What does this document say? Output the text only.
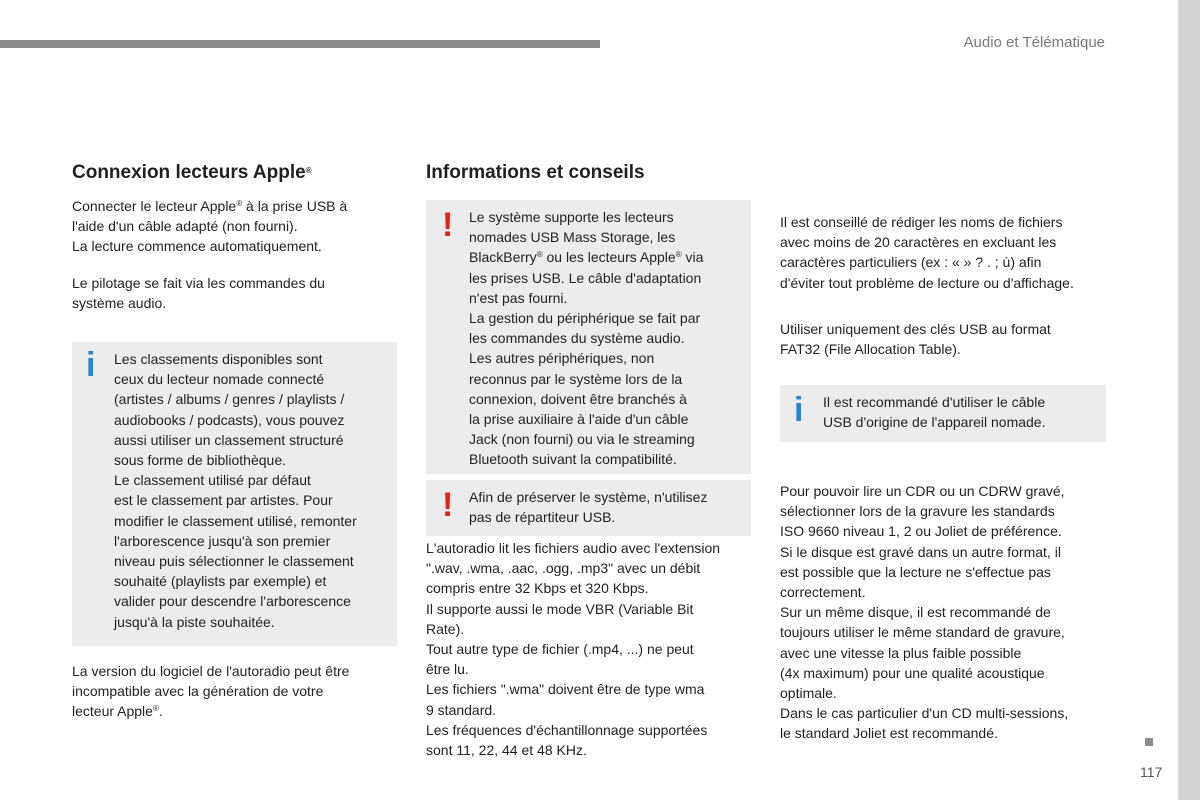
Audio et Télématique
117
Connexion lecteurs Apple®

Connecter le lecteur Apple® à la prise USB à
l'aide d'un câble adapté (non fourni).
La lecture commence automatiquement.

Le pilotage se fait via les commandes du
système audio.

i Les classements disponibles sont
ceux du lecteur nomade connecté
(artistes / albums / genres / playlists /
audiobooks / podcasts), vous pouvez
aussi utiliser un classement structuré
sous forme de bibliothèque.
Le classement utilisé par défaut
est le classement par artistes. Pour
modifier le classement utilisé, remonter
l'arborescence jusqu'à son premier
niveau puis sélectionner le classement
souhaité (playlists par exemple) et
valider pour descendre l'arborescence
jusqu'à la piste souhaitée.
La version du logiciel de l'autoradio peut être
incompatible avec la génération de votre
lecteur Apple®.
Informations et conseils
! Le système supporte les lecteurs
nomades USB Mass Storage, les
BlackBerry® ou les lecteurs Apple® via
les prises USB. Le câble d'adaptation
n'est pas fourni.
La gestion du périphérique se fait par
les commandes du système audio.
Les autres périphériques, non
reconnus par le système lors de la
connexion, doivent être branchés à
la prise auxiliaire à l'aide d'un câble
Jack (non fourni) ou via le streaming
Bluetooth suivant la compatibilité.
! Afin de préserver le système, n'utilisez
pas de répartiteur USB.
L'autoradio lit les fichiers audio avec l'extension
".wav, .wma, .aac, .ogg, .mp3" avec un débit
compris entre 32 Kbps et 320 Kbps.
Il supporte aussi le mode VBR (Variable Bit
Rate).
Tout autre type de fichier (.mp4, ...) ne peut
être lu.
Les fichiers ".wma" doivent être de type wma
9 standard.
Les fréquences d'échantillonnage supportées
sont 11, 22, 44 et 48 KHz.
Il est conseillé de rédiger les noms de fichiers
avec moins de 20 caractères en excluant les
caractères particuliers (ex : « » ? . ; ù) afin
d'éviter tout problème de lecture ou d'affichage.
Utiliser uniquement des clés USB au format
FAT32 (File Allocation Table).
i Il est recommandé d'utiliser le câble
USB d'origine de l'appareil nomade.
Pour pouvoir lire un CDR ou un CDRW gravé,
sélectionner lors de la gravure les standards
ISO 9660 niveau 1, 2 ou Joliet de préférence.
Si le disque est gravé dans un autre format, il
est possible que la lecture ne s'effectue pas
correctement.
Sur un même disque, il est recommandé de
toujours utiliser le même standard de gravure,
avec une vitesse la plus faible possible
(4x maximum) pour une qualité acoustique
optimale.
Dans le cas particulier d'un CD multi-sessions,
le standard Joliet est recommandé.
